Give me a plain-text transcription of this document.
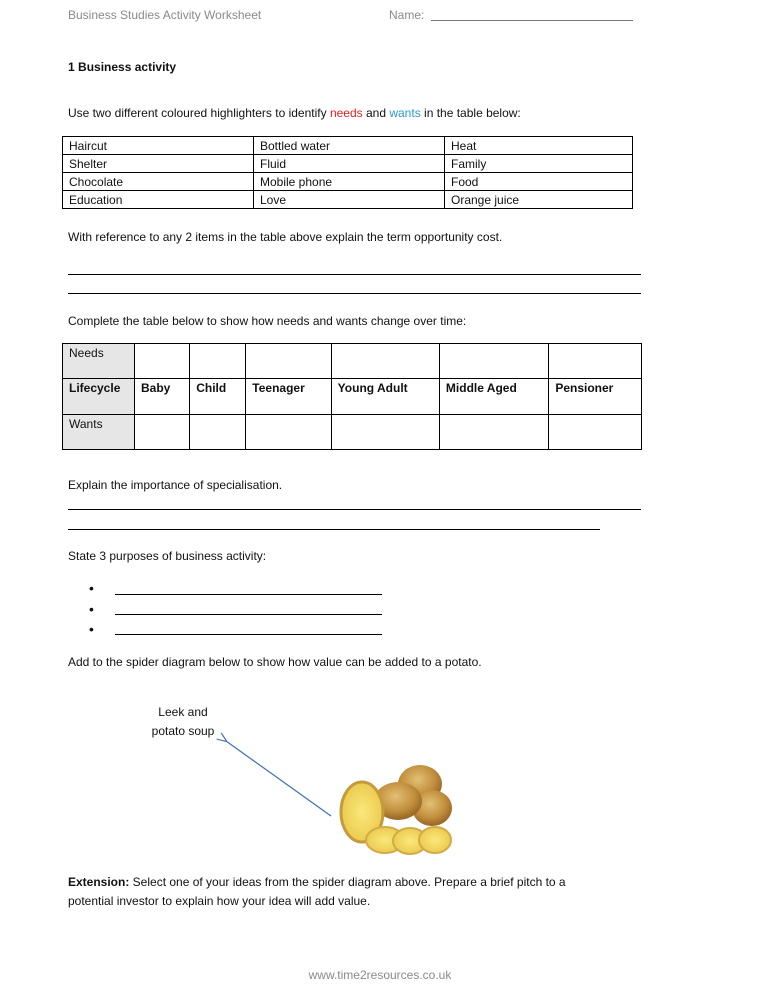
Business Studies Activity Worksheet	Name:
1 Business activity
Use two different coloured highlighters to identify needs and wants in the table below:
Haircut	Bottled water	Heat
Shelter	Fluid	Family
Chocolate	Mobile phone	Food
Education	Love	Orange juice
With reference to any 2 items in the table above explain the term opportunity cost.
Complete the table below to show how needs and wants change over time:
Needs						
Lifecycle	Baby	Child	Teenager	Young Adult	Middle Aged	Pensioner
Wants						
Explain the importance of specialisation.
State 3 purposes of business activity:
•
•
•
Add to the spider diagram below to show how value can be added to a potato.
Leek and
potato soup
Extension: Select one of your ideas from the spider diagram above. Prepare a brief pitch to a
potential investor to explain how your idea will add value.
www.time2resources.co.uk
